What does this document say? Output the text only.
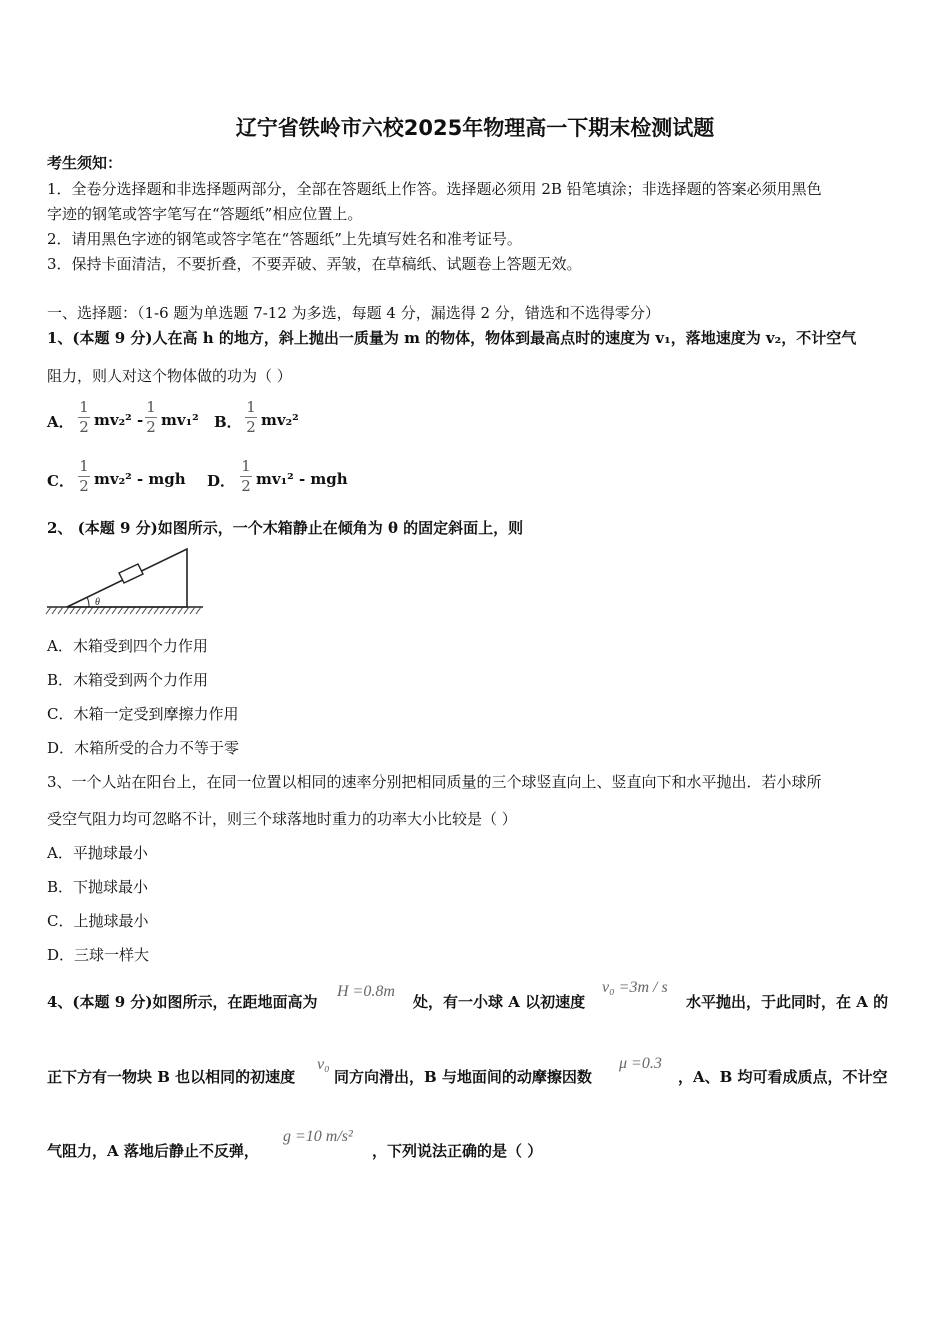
辽宁省铁岭市六校2025年物理高一下期末检测试题
考生须知：
1．全卷分选择题和非选择题两部分，全部在答题纸上作答。选择题必须用 2B 铅笔填涂；非选择题的答案必须用黑色
字迹的钢笔或答字笔写在“答题纸”相应位置上。
2．请用黑色字迹的钢笔或答字笔在“答题纸”上先填写姓名和准考证号。
3．保持卡面清洁，不要折叠，不要弄破、弄皱，在草稿纸、试题卷上答题无效。
一、选择题：（1-6 题为单选题 7-12 为多选，每题 4 分，漏选得 2 分，错选和不选得零分）
1、(本题 9 分)人在高 h 的地方，斜上抛出一质量为 m 的物体，物体到最高点时的速度为 v₁，落地速度为 v₂，不计空气
阻力，则人对这个物体做的功为（ ）
A．
1
2 mv₂² -
1
2 mv₁² B．
1
2 mv₂²
C．
1
2 mv₂² - mgh D．
1
2 mv₁² - mgh
2、 (本题 9 分)如图所示，一个木箱静止在倾角为 θ 的固定斜面上，则
θ
A．木箱受到四个力作用
B．木箱受到两个力作用
C．木箱一定受到摩擦力作用
D．木箱所受的合力不等于零
3、一个人站在阳台上，在同一位置以相同的速率分别把相同质量的三个球竖直向上、竖直向下和水平抛出．若小球所
受空气阻力均可忽略不计，则三个球落地时重力的功率大小比较是（ ）
A．平抛球最小
B．下抛球最小
C．上抛球最小
D．三球一样大
4、(本题 9 分)如图所示，在距地面高为
H =0.8m
处，有一小球 A 以初速度
v₀ =3m / s
水平抛出，于此同时，在 A 的
正下方有一物块 B 也以相同的初速度
v₀
同方向滑出，B 与地面间的动摩擦因数
μ =0.3
，A、B 均可看成质点，不计空
气阻力，A 落地后静止不反弹，
g =10 m/s²
，下列说法正确的是（ ）
